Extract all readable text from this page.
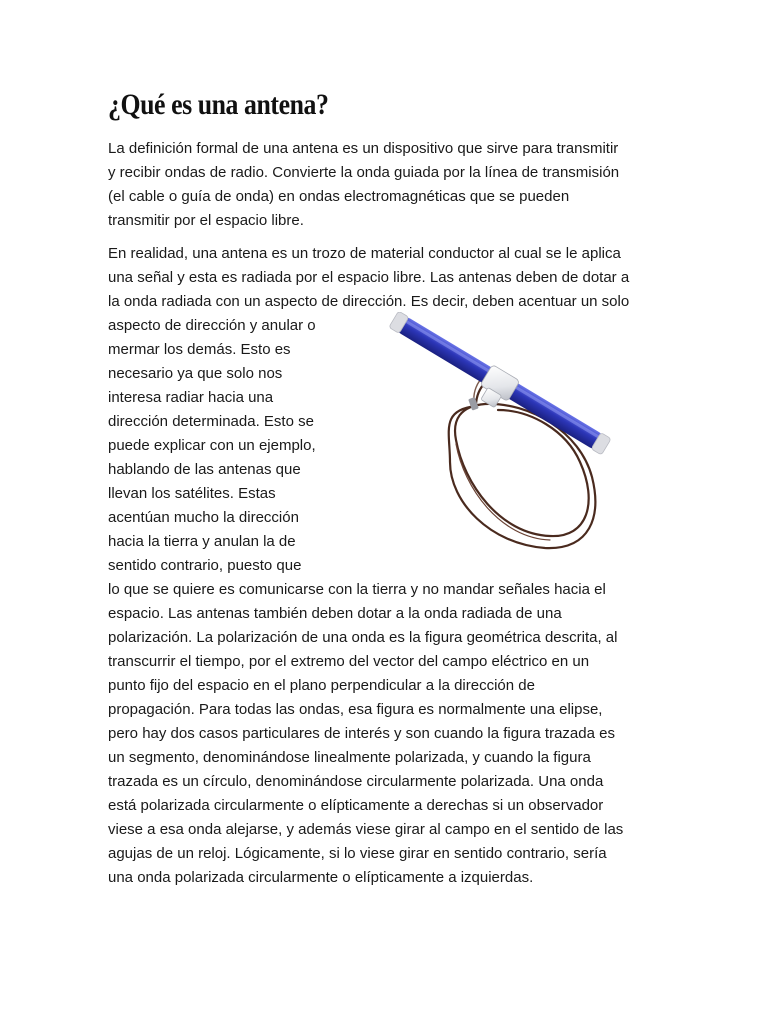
¿Qué es una antena?
La definición formal de una antena es un dispositivo que sirve para transmitir
y recibir ondas de radio. Convierte la onda guiada por la línea de transmisión
(el cable o guía de onda) en ondas electromagnéticas que se pueden
transmitir por el espacio libre.
En realidad, una antena es un trozo de material conductor al cual se le aplica
una señal y esta es radiada por el espacio libre. Las antenas deben de dotar a
la onda radiada con un aspecto de dirección. Es decir, deben acentuar un solo
aspecto de dirección y anular o
mermar los demás. Esto es
necesario ya que solo nos
interesa radiar hacia una
dirección determinada. Esto se
puede explicar con un ejemplo,
hablando de las antenas que
llevan los satélites. Estas
acentúan mucho la dirección
hacia la tierra y anulan la de
sentido contrario, puesto que
lo que se quiere es comunicarse con la tierra y no mandar señales hacia el
espacio. Las antenas también deben dotar a la onda radiada de una
polarización. La polarización de una onda es la figura geométrica descrita, al
transcurrir el tiempo, por el extremo del vector del campo eléctrico en un
punto fijo del espacio en el plano perpendicular a la dirección de
propagación. Para todas las ondas, esa figura es normalmente una elipse,
pero hay dos casos particulares de interés y son cuando la figura trazada es
un segmento, denominándose linealmente polarizada, y cuando la figura
trazada es un círculo, denominándose circularmente polarizada. Una onda
está polarizada circularmente o elípticamente a derechas si un observador
viese a esa onda alejarse, y además viese girar al campo en el sentido de las
agujas de un reloj. Lógicamente, si lo viese girar en sentido contrario, sería
una onda polarizada circularmente o elípticamente a izquierdas.
